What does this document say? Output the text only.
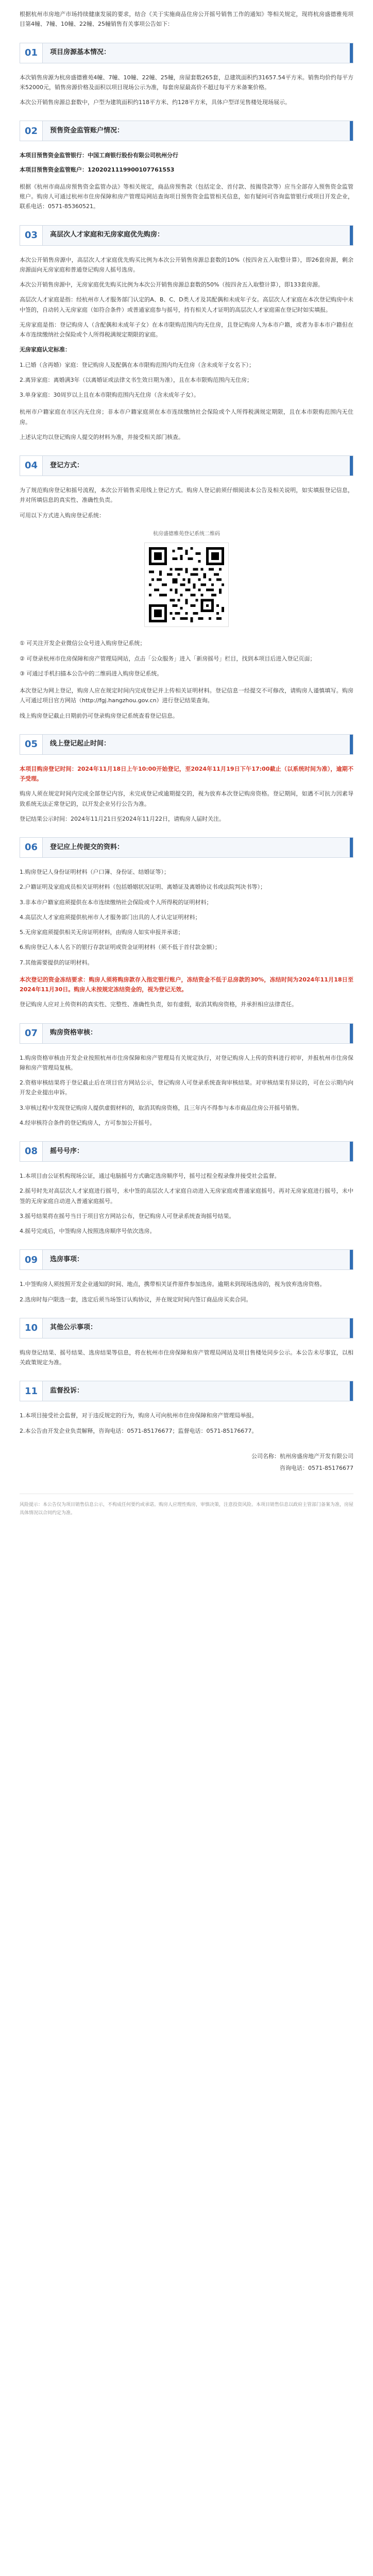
根据杭州市房地产市场持续健康发展的要求，结合《关于实施商品住房公开摇号销售工作的通知》等相关规定，现将杭房盛德雅苑项目第4幢、7幢、10幢、22幢、25幢销售有关事项公告如下：

01	项目房源基本情况：

本次销售房源为杭房盛德雅苑4幢、7幢、10幢、22幢、25幢，房屋套数265套，总建筑面积约31657.54平方米。销售均价约每平方米52000元，销售房源价格及面积以项目现场公示为准，每套房屋最高价不超过每平方米备案价格。

本次公开销售房源总套数中，户型为建筑面积约118平方米、约128平方米，具体户型详见售楼处现场展示。

02	预售资金监管账户情况：

本项目预售资金监管银行：中国工商银行股份有限公司杭州分行

本项目预售资金监管账户：1202021119900107761553

根据《杭州市商品房预售资金监管办法》等相关规定，商品房预售款（包括定金、首付款、按揭贷款等）应当全部存入预售资金监管账户。购房人可通过杭州市住房保障和房产管理局网站查询项目预售资金监管相关信息，如有疑问可咨询监管银行或项目开发企业，联系电话：0571-85360521。

03	高层次人才家庭和无房家庭优先购房：

本次公开销售房源中，高层次人才家庭优先购买比例为本次公开销售房源总套数的10%（按四舍五入取整计算），即26套房源，剩余房源面向无房家庭和普通登记购房人摇号选房。

本次公开销售房源中，无房家庭优先购买比例为本次公开销售房源总套数的50%（按四舍五入取整计算），即133套房源。

高层次人才家庭是指：经杭州市人才服务部门认定的A、B、C、D类人才及其配偶和未成年子女。高层次人才家庭在本次登记购房中未中签的，自动转入无房家庭（如符合条件）或普通家庭参与摇号，持有相关人才证明的高层次人才家庭需在登记时如实填报。

无房家庭是指：登记购房人（含配偶和未成年子女）在本市限购范围内均无住房，且登记购房人为本市户籍，或者为非本市户籍但在本市连续缴纳社会保险或个人所得税满规定期限的家庭。

无房家庭认定标准：

1.已婚（含再婚）家庭：登记购房人及配偶在本市限购范围内均无住房（含未成年子女名下）；

2.离异家庭：离婚满3年（以离婚证或法律文书生效日期为准），且在本市限购范围内无住房；

3.单身家庭：30周岁以上且在本市限购范围内无住房（含未成年子女）。

杭州市户籍家庭在市区内无住房；非本市户籍家庭须在本市连续缴纳社会保险或个人所得税满规定期限，且在本市限购范围内无住房。

上述认定均以登记购房人提交的材料为准，并接受相关部门核查。

04	登记方式：

为了规范购房登记和摇号流程，本次公开销售采用线上登记方式。购房人登记前须仔细阅读本公告及相关说明，如实填报登记信息，并对所填信息的真实性、准确性负责。

可用以下方式进入购房登记系统：

杭房盛德雅苑登记系统二维码

① 可关注开发企业微信公众号进入购房登记系统；

② 可登录杭州市住房保障和房产管理局网站，点击「公众服务」进入「新房摇号」栏目，找到本项目后进入登记页面；

③ 可通过手机扫描本公告中的二维码进入购房登记系统。

本次登记为网上登记，购房人应在规定时间内完成登记并上传相关证明材料。登记信息一经提交不可修改，请购房人谨慎填写。购房人可通过项目官方网站（http://fgj.hangzhou.gov.cn）进行登记结果查询。

线上购房登记截止日期前仍可登录购房登记系统查看登记信息。

05	线上登记起止时间：

本项目购房登记时间：2024年11月18日上午10:00开始登记，至2024年11月19日下午17:00截止（以系统时间为准），逾期不予受理。

购房人须在规定时间内完成全部登记内容，未完成登记或逾期提交的，视为放弃本次登记购房资格。登记期间，如遇不可抗力因素导致系统无法正常登记的，以开发企业另行公告为准。

登记结果公示时间：2024年11月21日至2024年11月22日，请购房人届时关注。

06	登记应上传提交的资料：

1.购房登记人身份证明材料（户口簿、身份证、结婚证等）；

2.户籍证明及家庭成员相关证明材料（包括婚姻状况证明、离婚证及离婚协议书或法院判决书等）；

3.非本市户籍家庭须提供在本市连续缴纳社会保险或个人所得税的证明材料；

4.高层次人才家庭须提供杭州市人才服务部门出具的人才认定证明材料；

5.无房家庭须提供相关无房证明材料，由购房人如实申报并承诺；

6.购房登记人本人名下的银行存款证明或资金证明材料（须不低于首付款金额）；

7.其他需要提供的证明材料。

本次登记的资金冻结要求：购房人须将购房款存入指定银行账户，冻结资金不低于总房款的30%，冻结时间为2024年11月18日至2024年11月30日。购房人未按规定冻结资金的，视为登记无效。

登记购房人应对上传资料的真实性、完整性、准确性负责，如有虚假，取消其购房资格，并承担相应法律责任。

07	购房资格审核：

1.购房资格审核由开发企业按照杭州市住房保障和房产管理局有关规定执行，对登记购房人上传的资料进行初审，并报杭州市住房保障和房产管理局复核。

2.资格审核结果将于登记截止后在项目官方网站公示，登记购房人可登录系统查询审核结果。对审核结果有异议的，可在公示期内向开发企业提出申诉。

3.审核过程中发现登记购房人提供虚假材料的，取消其购房资格，且三年内不得参与本市商品住房公开摇号销售。

4.经审核符合条件的登记购房人，方可参加公开摇号。

08	摇号号序：

1.本项目由公证机构现场公证，通过电脑摇号方式确定选房顺序号，摇号过程全程录像并接受社会监督。

2.摇号时先对高层次人才家庭进行摇号，未中签的高层次人才家庭自动进入无房家庭或普通家庭摇号。再对无房家庭进行摇号，未中签的无房家庭自动进入普通家庭摇号。

3.摇号结果将在摇号当日于项目官方网站公布，登记购房人可登录系统查询摇号结果。

4.摇号完成后，中签购房人按照选房顺序号依次选房。

09	选房事项：

1.中签购房人须按照开发企业通知的时间、地点，携带相关证件原件参加选房。逾期未到现场选房的，视为放弃选房资格。

2.选房时每户限选一套，选定后须当场签订认购协议，并在规定时间内签订商品房买卖合同。

10	其他公示事项：

购房登记结果、摇号结果、选房结果等信息，将在杭州市住房保障和房产管理局网站及项目售楼处同步公示。本公告未尽事宜，以相关政策规定为准。

11	监督投诉：

1.本项目接受社会监督，对于违反规定的行为，购房人可向杭州市住房保障和房产管理局举报。

2.本公告由开发企业负责解释，咨询电话：0571-85176677；监督电话：0571-85176677。

公司名称：杭州房盛房地产开发有限公司

咨询电话：0571-85176677

风险提示：本公告仅为项目销售信息公示，不构成任何要约或承诺。购房人应理性购房，审慎决策，注意投资风险。本项目销售信息以政府主管部门备案为准，房屋具体情况以合同约定为准。
